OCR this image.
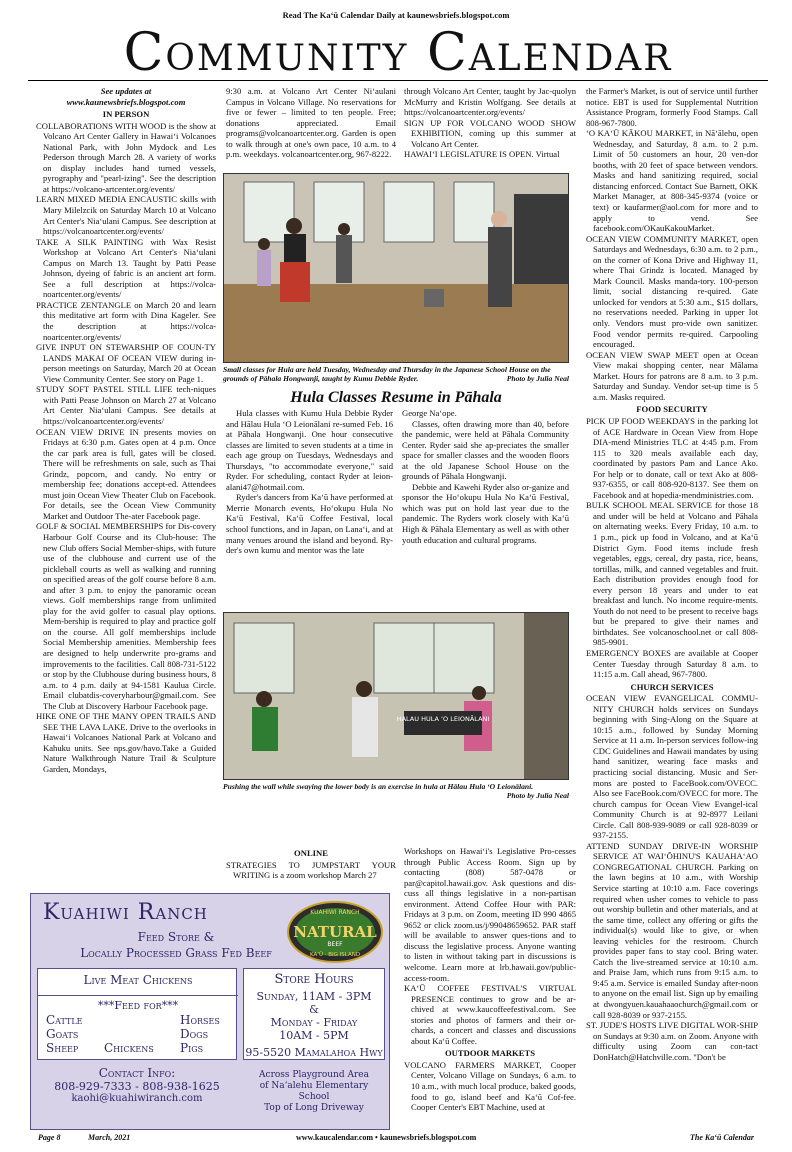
Read The Ka‘ū Calendar Daily at kaunewsbriefs.blogspot.com
Community Calendar
See updates at
www.kaunewsbriefs.blogspot.com
IN PERSON

COLLABORATIONS WITH WOOD is the show at Volcano Art Center Gallery in Hawai‘i Volcanoes National Park, with John Mydock and Les Pederson through March 28. A variety of works on display includes hand turned vessels, pyrography and "pearl-izing". See the description at https://volcano-artcenter.org/events/

LEARN MIXED MEDIA ENCAUSTIC skills with Mary Milelzcik on Saturday March 10 at Volcano Art Center's Nia‘ulani Campus. See description at https://volcanoartcenter.org/events/

TAKE A SILK PAINTING with Wax Resist Workshop at Volcano Art Center's Nia‘ulani Campus on March 13. Taught by Patti Pease Johnson, dyeing of fabric is an ancient art form. See a full description at https://volca-noartcenter.org/events/

PRACTICE ZENTANGLE on March 20 and learn this meditative art form with Dina Kageler. See the description at https://volca-noartcenter.org/events/

GIVE INPUT ON STEWARSHIP OF COUN-TY LANDS MAKAI OF OCEAN VIEW during in-person meetings on Saturday, March 20 at Ocean View Community Center. See story on Page 1.

STUDY SOFT PASTEL STILL LIFE tech-niques with Patti Pease Johnson on March 27 at Volcano Art Center Nia‘ulani Campus. See details at https://volcanoartcenter.org/events/

OCEAN VIEW DRIVE IN presents movies on Fridays at 6:30 p.m. Gates open at 4 p.m. Once the car park area is full, gates will be closed. There will be refreshments on sale, such as Thai Grindz, popcorn, and candy. No entry or membership fee; donations accept-ed. Attendees must join Ocean View Theater Club on Facebook. For details, see the Ocean View Community Market and Outdoor The-ater Facebook page.

GOLF & SOCIAL MEMBERSHIPS for Dis-covery Harbour Golf Course and its Club-house: The new Club offers Social Member-ships, with future use of the clubhouse and current use of the pickleball courts as well as walking and running on specified areas of the golf course before 8 a.m. and after 3 p.m. to enjoy the panoramic ocean views. Golf memberships range from unlimited play for the avid golfer to casual play options. Mem-bership is required to play and practice golf on the course. All golf memberships include Social Membership amenities. Membership fees are designed to help underwrite pro-grams and improvements to the facilities. Call 808-731-5122 or stop by the Clubhouse during business hours, 8 a.m. to 4 p.m. daily at 94-1581 Kaulua Circle. Email clubatdis-coveryharbour@gmail.com. See The Club at Discovery Harbour Facebook page.

HIKE ONE OF THE MANY OPEN TRAILS AND SEE THE LAVA LAKE. Drive to the overlooks in Hawai‘i Volcanoes National Park at Volcano and Kahuku units. See nps.gov/havo.Take a Guided Nature Walkthrough Nature Trail & Sculpture Garden, Mondays,

9:30 a.m. at Volcano Art Center Ni‘aulani Campus in Volcano Village. No reservations for five or fewer – limited to ten people. Free; donations appreciated. Email programs@volcanoartcenter.org. Garden is open to walk through at one's own pace, 10 a.m. to 4 p.m. weekdays. volcanoartcenter.org, 967-8222.

through Volcano Art Center, taught by Jac-quolyn McMurry and Kristin Wolfgang. See details at https://volcanoartcenter.org/events/

SIGN UP FOR VOLCANO WOOD SHOW EXHIBITION, coming up this summer at Volcano Art Center.

HAWAI‘I LEGISLATURE IS OPEN. Virtual

Small classes for Hula are held Tuesday, Wednesday and Thursday in the Japanese School House on the grounds of Pāhala Hongwanji, taught by Kumu Debbie Ryder.	Photo by Julia Neal
Hula Classes Resume in Pāhala
Hula classes with Kumu Hula Debbie Ryder and Hālau Hula ‘O Leionālani re-sumed Feb. 16 at Pāhala Hongwanji. One hour consecutive classes are limited to seven students at a time in each age group on Tuesdays, Wednesdays and Thursdays, "to accommodate everyone," said Ryder. For scheduling, contact Ryder at leion-alani47@hotmail.com.
Ryder's dancers from Ka‘ū have performed at Merrie Monarch events, Ho‘okupu Hula No Ka‘ū Festival, Ka‘ū Coffee Festival, local school functions, and in Japan, on Lana‘i, and at many venues around the island and beyond. Ry-der's own kumu and mentor was the late
George Na‘ope.
Classes, often drawing more than 40, before the pandemic, were held at Pāhala Community Center. Ryder said she ap-preciates the smaller space for smaller classes and the wooden floors at the old Japanese School House on the grounds of Pāhala Hongwanji.
Debbie and Kawehi Ryder also or-ganize and sponsor the Ho‘okupu Hula No Ka‘ū Festival, which was put on hold last year due to the pandemic. The Ryders work closely with Ka‘ū High & Pāhala Elementary as well as with other youth education and cultural programs.
HALAU HULA ‘O LEIONĀLANI
Pushing the wall while swaying the lower body is an exercise in hula at Hālau Hula ‘O Leionālani.
Photo by Julia Neal
ONLINE

STRATEGIES TO JUMPSTART YOUR WRITING is a zoom workshop March 27

Workshops on Hawai‘i's Legislative Pro-cesses through Public Access Room. Sign up by contacting (808) 587-0478 or par@capitol.hawaii.gov. Ask questions and dis-cuss all things legislative in a non-partisan environment. Attend Coffee Hour with PAR: Fridays at 3 p.m. on Zoom, meeting ID 990 4865 9652 or click zoom.us/j/99048659652. PAR staff will be available to answer ques-tions and to discuss the legislative process. Anyone wanting to listen in without taking part in discussions is welcome. Learn more at lrb.hawaii.gov/public-access-room.

KA‘Ū COFFEE FESTIVAL'S VIRTUAL PRESENCE continues to grow and be ar-chived at www.kaucoffeefestival.com. See stories and photos of farmers and their or-chards, a concert and classes and discussions about Ka‘ū Coffee.

OUTDOOR MARKETS

VOLCANO FARMERS MARKET, Cooper Center, Volcano Village on Sundays, 6 a.m. to 10 a.m., with much local produce, baked goods, food to go, island beef and Ka‘ū Cof-fee. Cooper Center's EBT Machine, used at

the Farmer's Market, is out of service until further notice. EBT is used for Supplemental Nutrition Assistance Program, formerly Food Stamps. Call 808-967-7800.

‘O KA‘Ū KĀKOU MARKET, in Nā‘ālehu, open Wednesday, and Saturday, 8 a.m. to 2 p.m. Limit of 50 customers an hour, 20 ven-dor booths, with 20 feet of space between vendors. Masks and hand sanitizing required, social distancing enforced. Contact Sue Barnett, OKK Market Manager, at 808-345-9374 (voice or text) or kaufarmer@aol.com for more and to apply to vend. See facebook.com/OKauKakouMarket.

OCEAN VIEW COMMUNITY MARKET, open Saturdays and Wednesdays, 6:30 a.m. to 2 p.m., on the corner of Kona Drive and Highway 11, where Thai Grindz is located. Managed by Mark Council. Masks manda-tory. 100-person limit, social distancing re-quired. Gate unlocked for vendors at 5:30 a.m., $15 dollars, no reservations needed. Parking in upper lot only. Vendors must pro-vide own sanitizer. Food vendor permits re-quired. Carpooling encouraged.

OCEAN VIEW SWAP MEET open at Ocean View makai shopping center, near Mālama Market. Hours for patrons are 8 a.m. to 3 p.m. Saturday and Sunday. Vendor set-up time is 5 a.m. Masks required.

FOOD SECURITY

PICK UP FOOD WEEKDAYS in the parking lot of ACE Hardware in Ocean View from Hope DIA-mend Ministries TLC at 4:45 p.m. From 115 to 320 meals available each day, coordinated by pastors Pam and Lance Ako. For help or to donate, call or text Ako at 808-937-6355, or call 808-920-8137. See them on Facebook and at hopedia-mendministries.com.

BULK SCHOOL MEAL SERVICE for those 18 and under will be held at Volcano and Pāhala on alternating weeks. Every Friday, 10 a.m. to 1 p.m., pick up food in Volcano, and at Ka‘ū District Gym. Food items include fresh vegetables, eggs, cereal, dry pasta, rice, beans, tortillas, milk, and canned vegetables and fruit. Each distribution provides enough food for every person 18 years and under to eat breakfast and lunch. No income require-ments. Youth do not need to be present to receive bags but be prepared to give their names and birthdates. See volcanoschool.net or call 808-985-9901.

EMERGENCY BOXES are available at Cooper Center Tuesday through Saturday 8 a.m. to 11:15 a.m. Call ahead, 967-7800.

CHURCH SERVICES

OCEAN VIEW EVANGELICAL COMMU-NITY CHURCH holds services on Sundays beginning with Sing-Along on the Square at 10:15 a.m., followed by Sunday Morning Service at 11 a.m. In-person services follow-ing CDC Guidelines and Hawaii mandates by using hand sanitizer, wearing face masks and practicing social distancing. Music and Ser-mons are posted to FaceBook.com/OVECC. Also see FaceBook.com/OVECC for more. The church campus for Ocean View Evangel-ical Community Church is at 92-8977 Leilani Circle. Call 808-939-9089 or call 928-8039 or 937-2155.

ATTEND SUNDAY DRIVE-IN WORSHIP SERVICE AT WAI‘ŌHINU'S KAUAHA‘AO CONGREGATIONAL CHURCH. Parking on the lawn begins at 10 a.m., with Worship Service starting at 10:10 a.m. Face coverings required when usher comes to vehicle to pass out worship bulletin and other materials, and at the same time, collect any offering or gifts the individual(s) would like to give, or when leaving vehicles for the restroom. Church provides paper fans to stay cool. Bring water. Catch the live-streamed service at 10:10 a.m. and Praise Jam, which runs from 9:15 a.m. to 9:45 a.m. Service is emailed Sunday after-noon to anyone on the email list. Sign up by emailing at dwongyuen.kauahaaochurch@gmail.com or call 928-8039 or 937-2155.

ST. JUDE'S HOSTS LIVE DIGITAL WOR-SHIP on Sundays at 9:30 a.m. on Zoom. Anyone with difficulty using Zoom can con-tact DonHatch@Hatchville.com. "Don't be

Kuahiwi Ranch
Feed Store &
Locally Processed Grass Fed Beef
Live Meat Chickens
***Feed for***
Cattle
Goats
Sheep	Chickens
Horses
Dogs
Pigs
Store Hours
Sunday, 11AM - 3PM
&
Monday - Friday
10AM - 5PM
95-5520 Mamalahoa Hwy
Contact Info:
808-929-7333 - 808-938-1625
kaohi@kuahiwiranch.com
Across Playground Area
of Na‘alehu Elementary School
Top of Long Driveway
KUAHIWI RANCH
NATURAL
BEEF
KA‘Ū · BIG ISLAND
Page 8	March, 2021	www.kaucalendar.com • kaunewsbriefs.blogspot.com	The Ka‘ū Calendar
